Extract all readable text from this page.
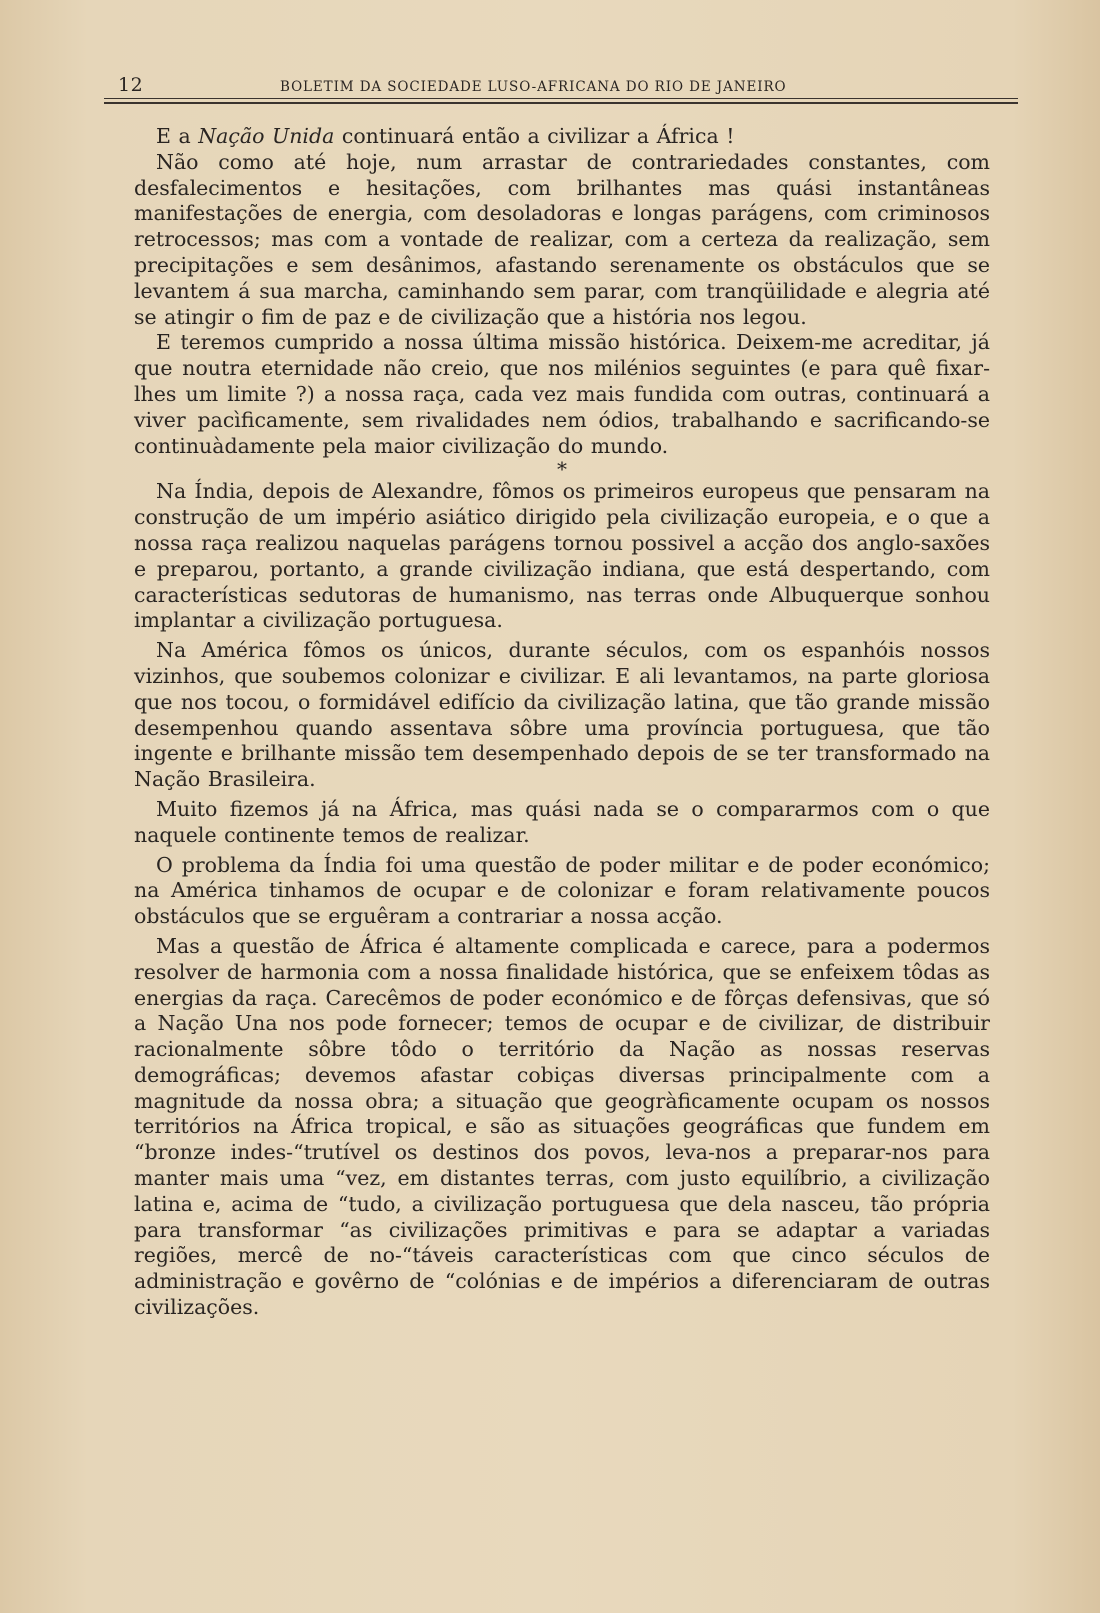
12	BOLETIM DA SOCIEDADE LUSO-AFRICANA DO RIO DE JANEIRO

E a Nação Unida continuará então a civilizar a África !

Não como até hoje, num arrastar de contrariedades constantes, com desfalecimentos e hesitações, com brilhantes mas quási instantâneas manifestações de energia, com desoladoras e longas parágens, com criminosos retrocessos; mas com a vontade de realizar, com a certeza da realização, sem precipitações e sem desânimos, afastando serenamente os obstáculos que se levantem á sua marcha, caminhando sem parar, com tranqüilidade e alegria até se atingir o fim de paz e de civilização que a história nos legou.

E teremos cumprido a nossa última missão histórica. Deixem-me acreditar, já que noutra eternidade não creio, que nos milénios seguintes (e para quê fixar-lhes um limite ?) a nossa raça, cada vez mais fundida com outras, continuará a viver pacìficamente, sem rivalidades nem ódios, trabalhando e sacrificando-se continuàdamente pela maior civilização do mundo.

*

Na Índia, depois de Alexandre, fômos os primeiros europeus que pensaram na construção de um império asiático dirigido pela civilização europeia, e o que a nossa raça realizou naquelas parágens tornou possivel a acção dos anglo-saxões e preparou, portanto, a grande civilização indiana, que está despertando, com características sedutoras de humanismo, nas terras onde Albuquerque sonhou implantar a civilização portuguesa.

Na América fômos os únicos, durante séculos, com os espanhóis nossos vizinhos, que soubemos colonizar e civilizar. E ali levantamos, na parte gloriosa que nos tocou, o formidável edifício da civilização latina, que tão grande missão desempenhou quando assentava sôbre uma província portuguesa, que tão ingente e brilhante missão tem desempenhado depois de se ter transformado na Nação Brasileira.

Muito fizemos já na África, mas quási nada se o compararmos com o que naquele continente temos de realizar.

O problema da Índia foi uma questão de poder militar e de poder económico; na América tinhamos de ocupar e de colonizar e foram relativamente poucos obstáculos que se erguêram a contrariar a nossa acção.

Mas a questão de África é altamente complicada e carece, para a podermos resolver de harmonia com a nossa finalidade histórica, que se enfeixem tôdas as energias da raça. Carecêmos de poder económico e de fôrças defensivas, que só a Nação Una nos pode fornecer; temos de ocupar e de civilizar, de distribuir racionalmente sôbre tôdo o território da Nação as nossas reservas demográficas; devemos afastar cobiças diversas principalmente com a magnitude da nossa obra; a situação que geogràficamente ocupam os nossos territórios na África tropical, e são as situações geográficas que fundem em “bronze indes-“trutível os destinos dos povos, leva-nos a preparar-nos para manter mais uma “vez, em distantes terras, com justo equilíbrio, a civilização latina e, acima de “tudo, a civilização portuguesa que dela nasceu, tão própria para transformar “as civilizações primitivas e para se adaptar a variadas regiões, mercê de no-“táveis características com que cinco séculos de administração e govêrno de “colónias e de impérios a diferenciaram de outras civilizações.
